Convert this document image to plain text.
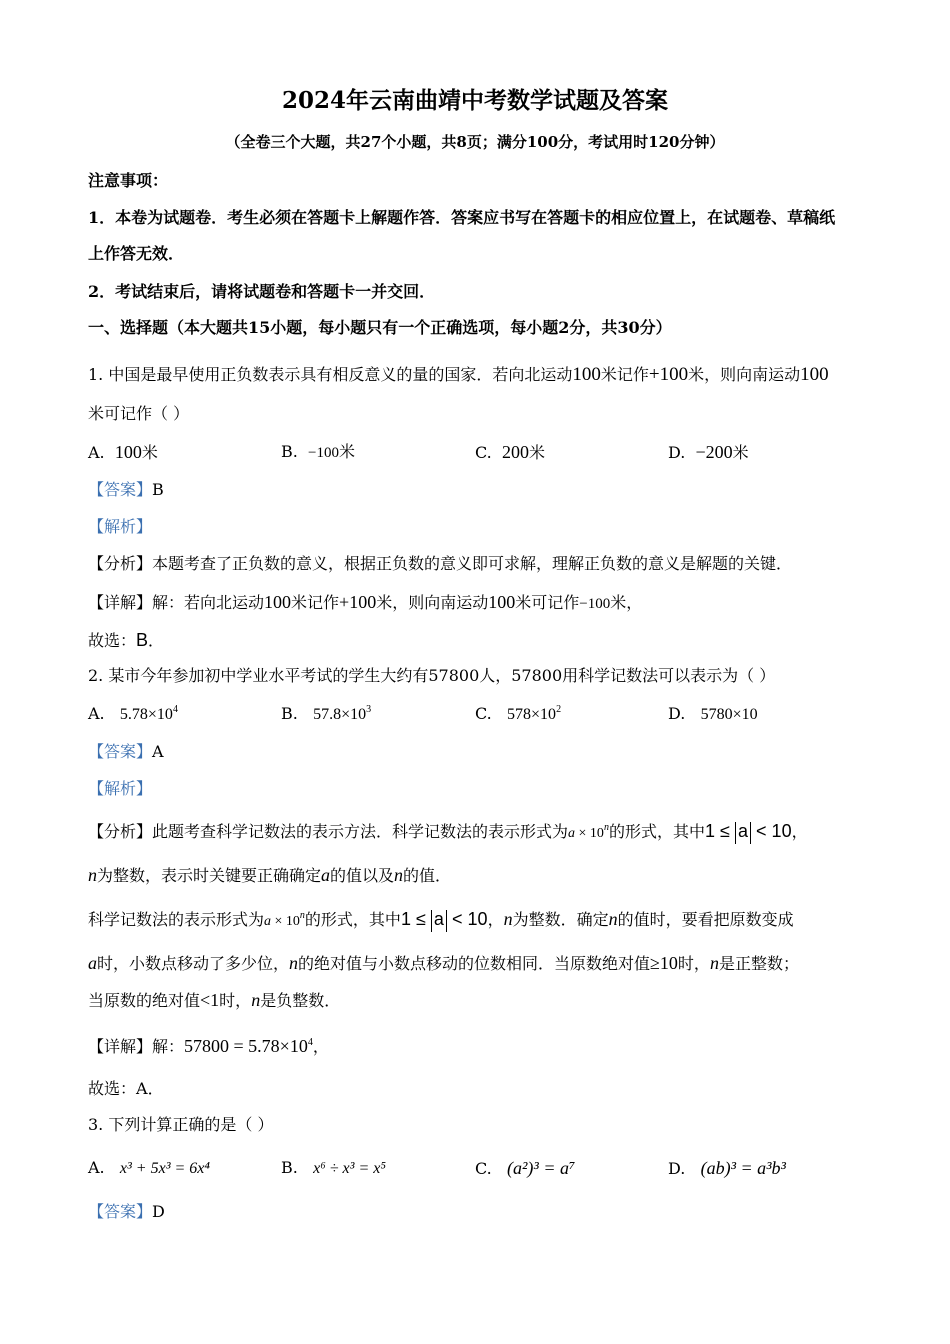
2024年云南曲靖中考数学试题及答案
（全卷三个大题，共27个小题，共8页；满分100分，考试用时120分钟）
注意事项：
1．本卷为试题卷．考生必须在答题卡上解题作答．答案应书写在答题卡的相应位置上，在试题卷、草稿纸
上作答无效．
2．考试结束后，请将试题卷和答题卡一并交回．
一、选择题（本大题共15小题，每小题只有一个正确选项，每小题2分，共30分）
1. 中国是最早使用正负数表示具有相反意义的量的国家．若向北运动100米记作+100米，则向南运动100
米可记作（ ）
A. 100米	B. −100米	C. 200米	D. −200米
【答案】B
【解析】
【分析】本题考查了正负数的意义，根据正负数的意义即可求解，理解正负数的意义是解题的关键．
【详解】解：若向北运动100米记作+100米，则向南运动100米可记作−100米，
故选：B．
2. 某市今年参加初中学业水平考试的学生大约有57800人，57800用科学记数法可以表示为（ ）
A. $5.78\times 10^4$	B. $57.8\times 10^3$	C. $578\times 10^2$	D. 5780×10
【答案】A
【解析】
【分析】此题考查科学记数法的表示方法．科学记数法的表示形式为$a \times 10^n$的形式，其中1 ≤ a < 10，
n为整数，表示时关键要正确确定a的值以及n的值．
科学记数法的表示形式为$a \times 10^n$的形式，其中1 ≤ a < 10，n为整数．确定n的值时，要看把原数变成
a时，小数点移动了多少位，n的绝对值与小数点移动的位数相同．当原数绝对值≥10时，n是正整数；
当原数的绝对值<1时，n是负整数．
【详解】解：$57800 = 5.78\times 10^4$，
故选：A．
3. 下列计算正确的是（ ）
A. x³ + 5x³ = 6x⁴	B. x⁶ ÷ x³ = x⁵	C. (a²)³ = a⁷	D. (ab)³ = a³b³
【答案】D
